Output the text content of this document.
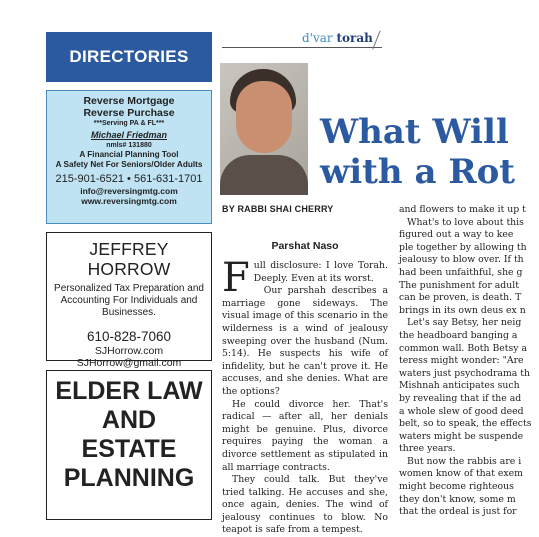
DIRECTORIES
Reverse Mortgage
Reverse Purchase
***Serving PA & FL***
Michael Friedman
nmls# 131880
A Financial Planning Tool
A Safety Net For Seniors/Older Adults
215-901-6521 • 561-631-1701
info@reversingmtg.com
www.reversingmtg.com
JEFFREY HORROW
Personalized Tax Preparation and Accounting For Individuals and Businesses.
610-828-7060
SJHorrow.com
SJHorrow@gmail.com
ELDER LAW
AND
ESTATE
PLANNING
d'var torah
What Will
with a Rot
BY RABBI SHAI CHERRY
Parshat Naso

Full disclosure: I love Torah. Deeply. Even at its worst.

Our parshah describes a marriage gone sideways. The visual image of this scenario in the wilderness is a wind of jealousy sweeping over the husband (Num. 5:14). He suspects his wife of infidelity, but he can't prove it. He accuses, and she denies. What are the options?

He could divorce her. That's radical — after all, her denials might be genuine. Plus, divorce requires paying the woman a divorce settlement as stipulated in all marriage contracts.

They could talk. But they've tried talking. He accuses and she, once again, denies. The wind of jealousy continues to blow. No teapot is safe from a tempest.

and flowers to make it up t
What's to love about this
figured out a way to kee
ple together by allowing th
jealousy to blow over. If th
had been unfaithful, she g
The punishment for adult
can be proven, is death. T
brings in its own deus ex n
Let's say Betsy, her neig
the headboard banging a
common wall. Both Betsy a
teress might wonder: "Are
waters just psychodrama th
Mishnah anticipates such
by revealing that if the ad
a whole slew of good deed
belt, so to speak, the effects
waters might be suspende
three years.
But now the rabbis are i
women know of that exem
might become righteous
they don't know, some m
that the ordeal is just for
